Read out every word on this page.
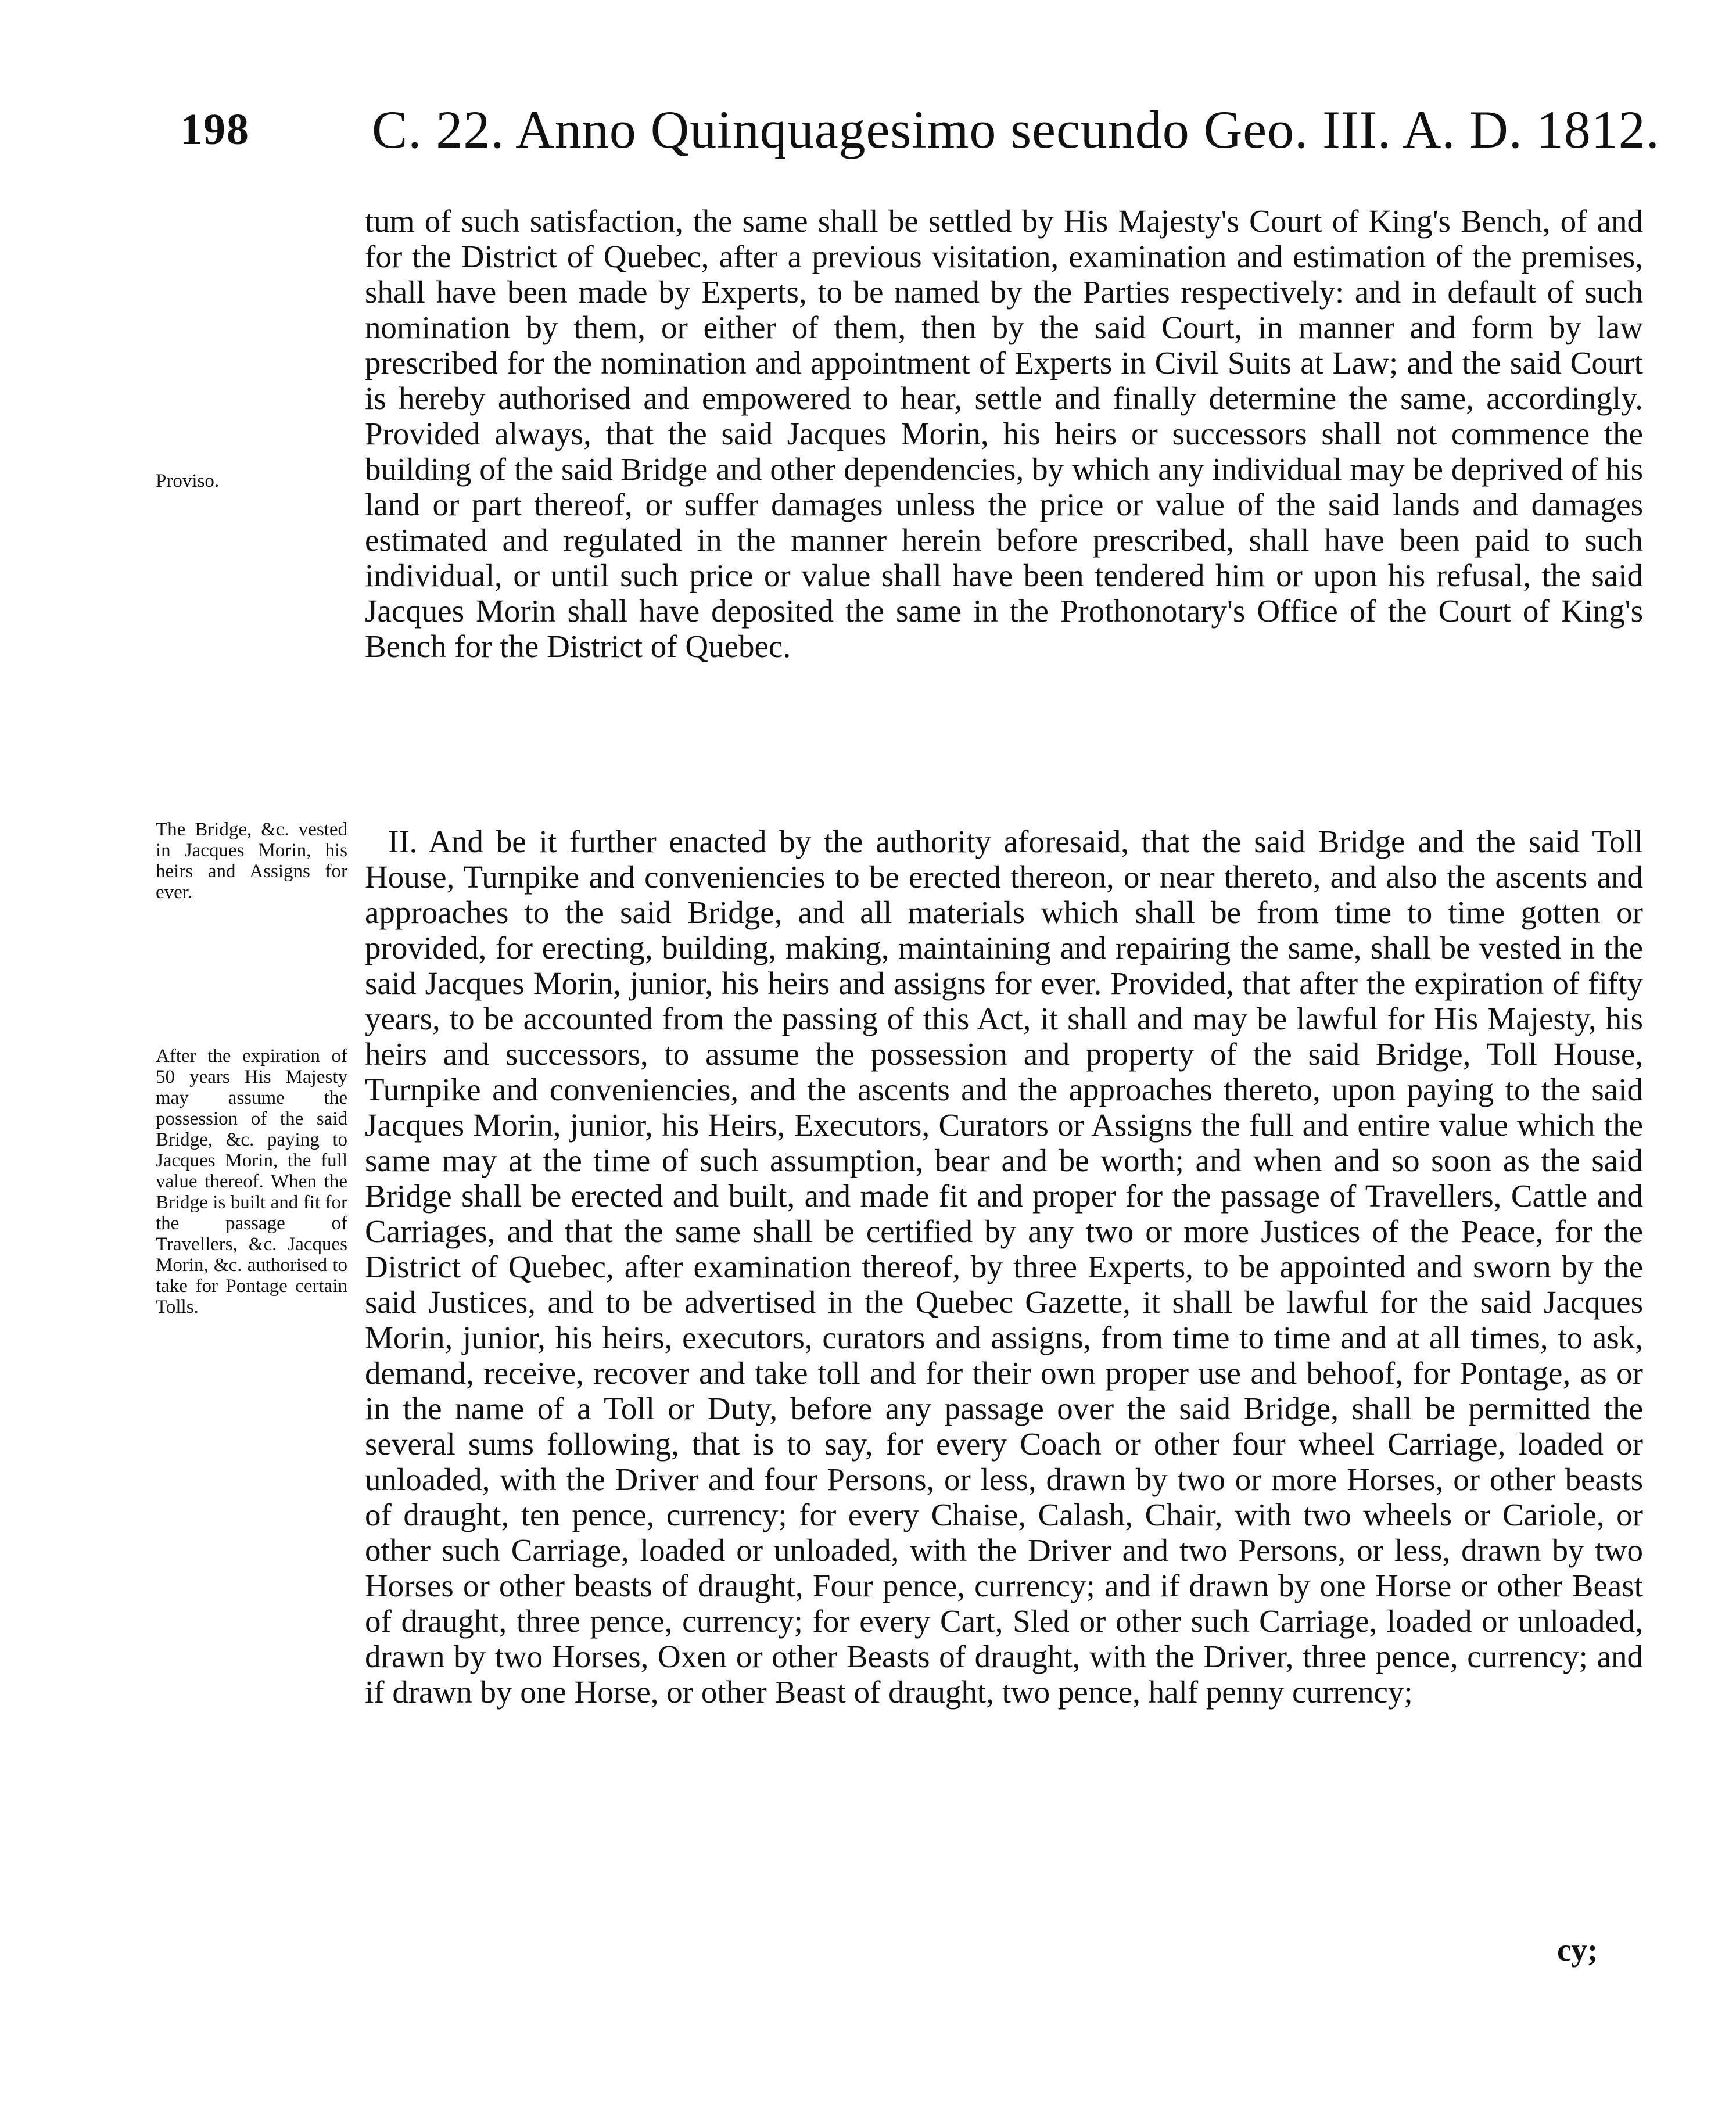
198 C. 22. Anno Quinquagesimo secundo Geo. III. A. D. 1812.
Proviso.
The Bridge, &c. vested in Jacques Morin, his heirs and Assigns for ever.
After the expiration of 50 years His Majesty may assume the possession of the said Bridge, &c. paying to Jacques Morin, the full value thereof. When the Bridge is built and fit for the passage of Travellers, &c. Jacques Morin, &c. authorised to take for Pontage certain Tolls.

tum of such satisfaction, the same shall be settled by His Majesty's Court of King's Bench, of and for the District of Quebec, after a previous visitation, examination and estimation of the premises, shall have been made by Experts, to be named by the Parties respectively: and in default of such nomination by them, or either of them, then by the said Court, in manner and form by law prescribed for the nomination and appointment of Experts in Civil Suits at Law; and the said Court is hereby authorised and empowered to hear, settle and finally determine the same, accordingly. Provided always, that the said Jacques Morin, his heirs or successors shall not commence the building of the said Bridge and other dependencies, by which any individual may be deprived of his land or part thereof, or suffer damages unless the price or value of the said lands and damages estimated and regulated in the manner herein before prescribed, shall have been paid to such individual, or until such price or value shall have been tendered him or upon his refusal, the said Jacques Morin shall have deposited the same in the Prothonotary's Office of the Court of King's Bench for the District of Quebec.

II. And be it further enacted by the authority aforesaid, that the said Bridge and the said Toll House, Turnpike and conveniencies to be erected thereon, or near thereto, and also the ascents and approaches to the said Bridge, and all materials which shall be from time to time gotten or provided, for erecting, building, making, maintaining and repairing the same, shall be vested in the said Jacques Morin, junior, his heirs and assigns for ever. Provided, that after the expiration of fifty years, to be accounted from the passing of this Act, it shall and may be lawful for His Majesty, his heirs and successors, to assume the possession and property of the said Bridge, Toll House, Turnpike and conveniencies, and the ascents and the approaches thereto, upon paying to the said Jacques Morin, junior, his Heirs, Executors, Curators or Assigns the full and entire value which the same may at the time of such assumption, bear and be worth; and when and so soon as the said Bridge shall be erected and built, and made fit and proper for the passage of Travellers, Cattle and Carriages, and that the same shall be certified by any two or more Justices of the Peace, for the District of Quebec, after examination thereof, by three Experts, to be appointed and sworn by the said Justices, and to be advertised in the Quebec Gazette, it shall be lawful for the said Jacques Morin, junior, his heirs, executors, curators and assigns, from time to time and at all times, to ask, demand, receive, recover and take toll and for their own proper use and behoof, for Pontage, as or in the name of a Toll or Duty, before any passage over the said Bridge, shall be permitted the several sums following, that is to say, for every Coach or other four wheel Carriage, loaded or unloaded, with the Driver and four Persons, or less, drawn by two or more Horses, or other beasts of draught, ten pence, currency; for every Chaise, Calash, Chair, with two wheels or Cariole, or other such Carriage, loaded or unloaded, with the Driver and two Persons, or less, drawn by two Horses or other beasts of draught, Four pence, currency; and if drawn by one Horse or other Beast of draught, three pence, currency; for every Cart, Sled or other such Carriage, loaded or unloaded, drawn by two Horses, Oxen or other Beasts of draught, with the Driver, three pence, currency; and if drawn by one Horse, or other Beast of draught, two pence, half penny currency;

cy;
